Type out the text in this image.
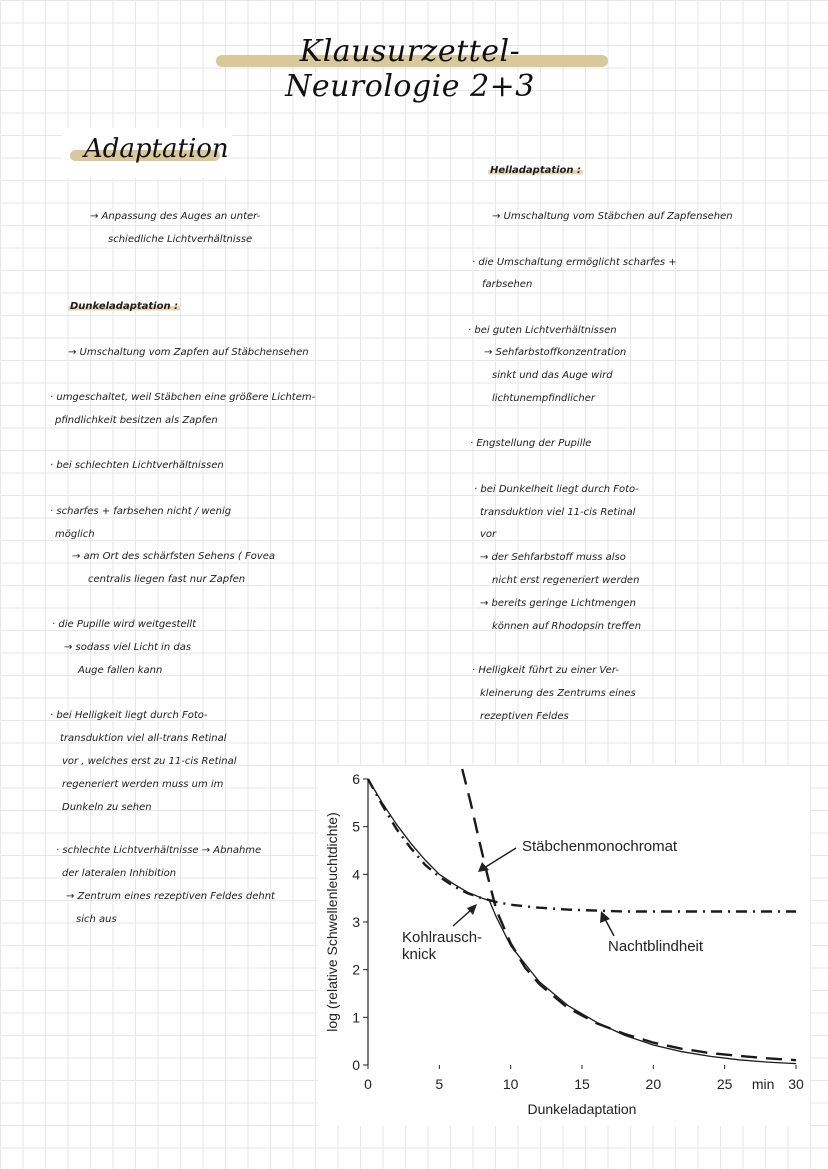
Klausurzettel- Neurologie 2+3
Adaptation
→ Anpassung des Auges an unter-
schiedliche Lichtverhältnisse
Dunkeladaptation :
→ Umschaltung vom Zapfen auf Stäbchensehen
· umgeschaltet, weil Stäbchen eine größere Lichtem-
pfindlichkeit besitzen als Zapfen
· bei schlechten Lichtverhältnissen
· scharfes + farbsehen nicht / wenig
möglich
→ am Ort des schärfsten Sehens ( Fovea
centralis liegen fast nur Zapfen
· die Pupille wird weitgestellt
→ sodass viel Licht in das
Auge fallen kann
· bei Helligkeit liegt durch Foto-
transduktion viel all-trans Retinal
vor , welches erst zu 11-cis Retinal
regeneriert werden muss um im
Dunkeln zu sehen
· schlechte Lichtverhältnisse → Abnahme
der lateralen Inhibition
→ Zentrum eines rezeptiven Feldes dehnt
sich aus
Helladaptation :
→ Umschaltung vom Stäbchen auf Zapfensehen
· die Umschaltung ermöglicht scharfes +
farbsehen
· bei guten Lichtverhältnissen
→ Sehfarbstoffkonzentration
sinkt und das Auge wird
lichtunempfindlicher
· Engstellung der Pupille
· bei Dunkelheit liegt durch Foto-
transduktion viel 11-cis Retinal
vor
→ der Sehfarbstoff muss also
nicht erst regeneriert werden
→ bereits geringe Lichtmengen
können auf Rhodopsin treffen
· Helligkeit führt zu einer Ver-
kleinerung des Zentrums eines
rezeptiven Feldes
0
1
2
3
4
5
6
0	5	10	15	20	25	30
min
Dunkeladaptation
log (relative Schwellenleuchtdichte)	Stäbchenmonochromat
Kohlrausch-
knick	Nachtblindheit
